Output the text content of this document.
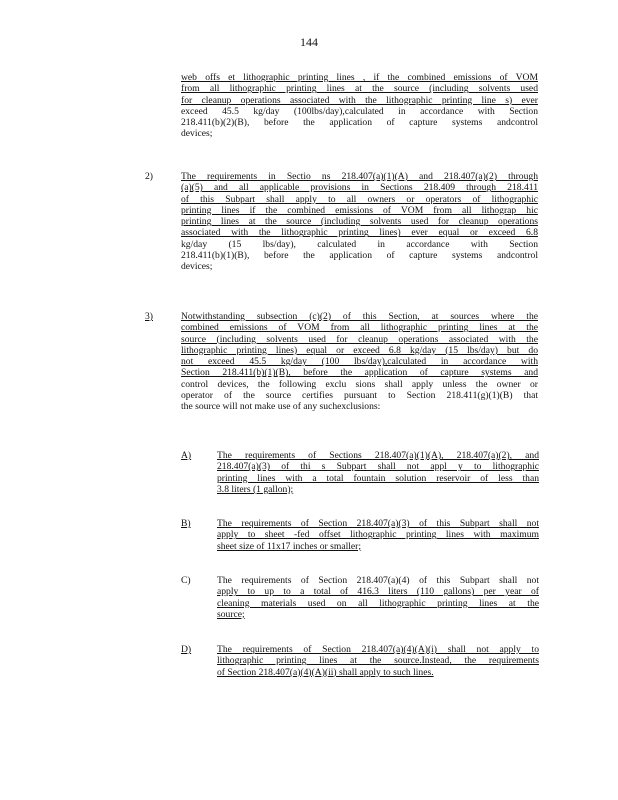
144
web offs et lithographic printing lines , if the combined emissions of VOM
from all lithographic printing lines at the source (including solvents used
for cleanup operations associated with the lithographic printing line s) ever
exceed 45.5 kg/day (100lbs/day),calculated in accordance with Section
218.411(b)(2)(B), before the application of capture systems andcontrol
devices;
2)	The requirements in Sectio ns 218.407(a)(1)(A) and 218.407(a)(2) through
(a)(5) and all applicable provisions in Sections 218.409 through 218.411
of this Subpart shall apply to all owners or operators of lithographic
printing lines if the combined emissions of VOM from all lithograp hic
printing lines at the source (including solvents used for cleanup operations
associated with the lithographic printing lines) ever equal or exceed 6.8
kg/day (15 lbs/day), calculated in accordance with Section
218.411(b)(1)(B), before the application of capture systems andcontrol
devices;
3)	Notwithstanding subsection (c)(2) of this Section, at sources where the
combined emissions of VOM from all lithographic printing lines at the
source (including solvents used for cleanup operations associated with the
lithographic printing lines) equal or exceed 6.8 kg/day (15 lbs/day) but do
not exceed 45.5 kg/day (100 lbs/day),calculated in accordance with
Section 218.411(b)(1)(B), before the application of capture systems and
control devices, the following exclu sions shall apply unless the owner or
operator of the source certifies pursuant to Section 218.411(g)(1)(B) that
the source will not make use of any suchexclusions:
A)	The requirements of Sections 218.407(a)(1)(A), 218.407(a)(2), and
218.407(a)(3) of thi s Subpart shall not appl y to lithographic
printing lines with a total fountain solution reservoir of less than
3.8 liters (1 gallon);
B)	The requirements of Section 218.407(a)(3) of this Subpart shall not
apply to sheet -fed offset lithographic printing lines with maximum
sheet size of 11x17 inches or smaller;
C)	The requirements of Section 218.407(a)(4) of this Subpart shall not
apply to up to a total of 416.3 liters (110 gallons) per year of
cleaning materials used on all lithographic printing lines at the
source;
D)	The requirements of Section 218.407(a)(4)(A)(i) shall not apply to
lithographic printing lines at the source.Instead, the requirements
of Section 218.407(a)(4)(A)(ii) shall apply to such lines.
